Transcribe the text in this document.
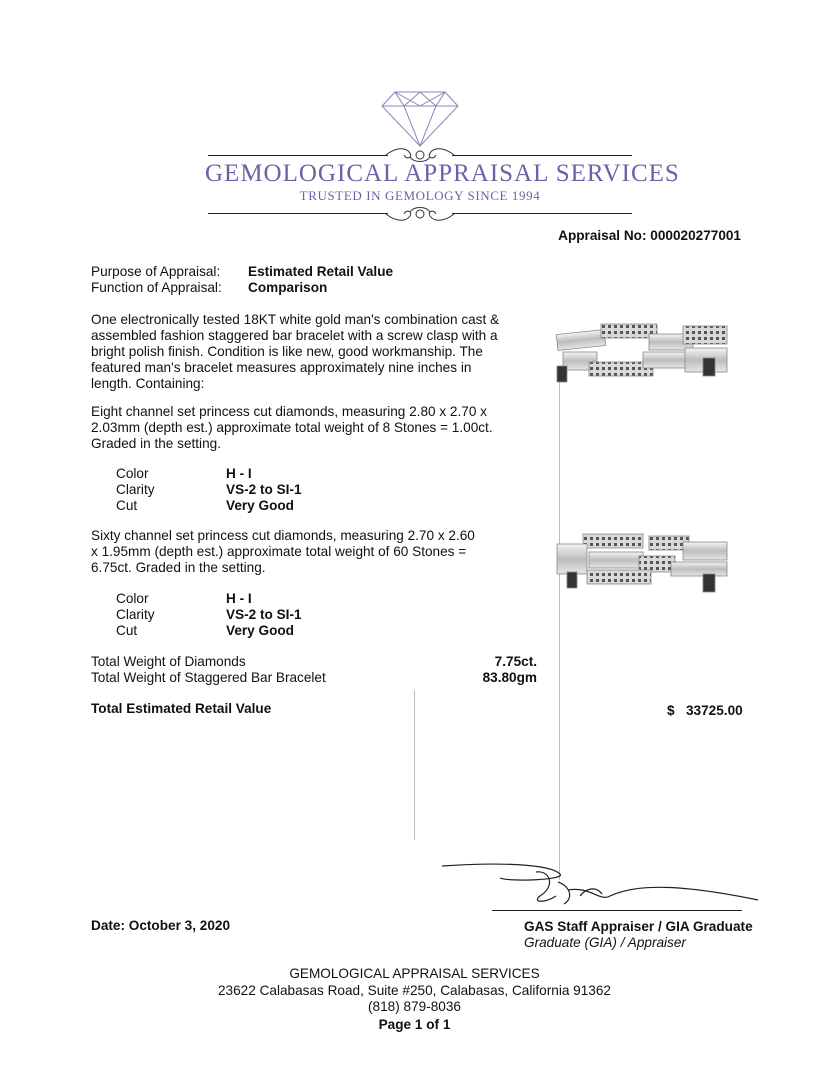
GEMOLOGICAL APPRAISAL SERVICES
TRUSTED IN GEMOLOGY SINCE 1994
Appraisal No: 000020277001
Purpose of Appraisal: Estimated Retail Value
Function of Appraisal: Comparison
One electronically tested 18KT white gold man's combination cast & assembled fashion staggered bar bracelet with a screw clasp with a bright polish finish. Condition is like new, good workmanship. The featured man's bracelet measures approximately nine inches in length. Containing:
Eight channel set princess cut diamonds, measuring 2.80 x 2.70 x 2.03mm (depth est.) approximate total weight of 8 Stones = 1.00ct. Graded in the setting.
Color	H - I
Clarity	VS-2 to SI-1
Cut	Very Good
Sixty channel set princess cut diamonds, measuring 2.70 x 2.60 x 1.95mm (depth est.) approximate total weight of 60 Stones = 6.75ct. Graded in the setting.
Color	H - I
Clarity	VS-2 to SI-1
Cut	Very Good
Total Weight of Diamonds	7.75ct.
Total Weight of Staggered Bar Bracelet	83.80gm
Total Estimated Retail Value	$ 33725.00
Date: October 3, 2020	GAS Staff Appraiser / GIA Graduate
Graduate (GIA) / Appraiser
GEMOLOGICAL APPRAISAL SERVICES
23622 Calabasas Road, Suite #250, Calabasas, California 91362
(818) 879-8036
Page 1 of 1
